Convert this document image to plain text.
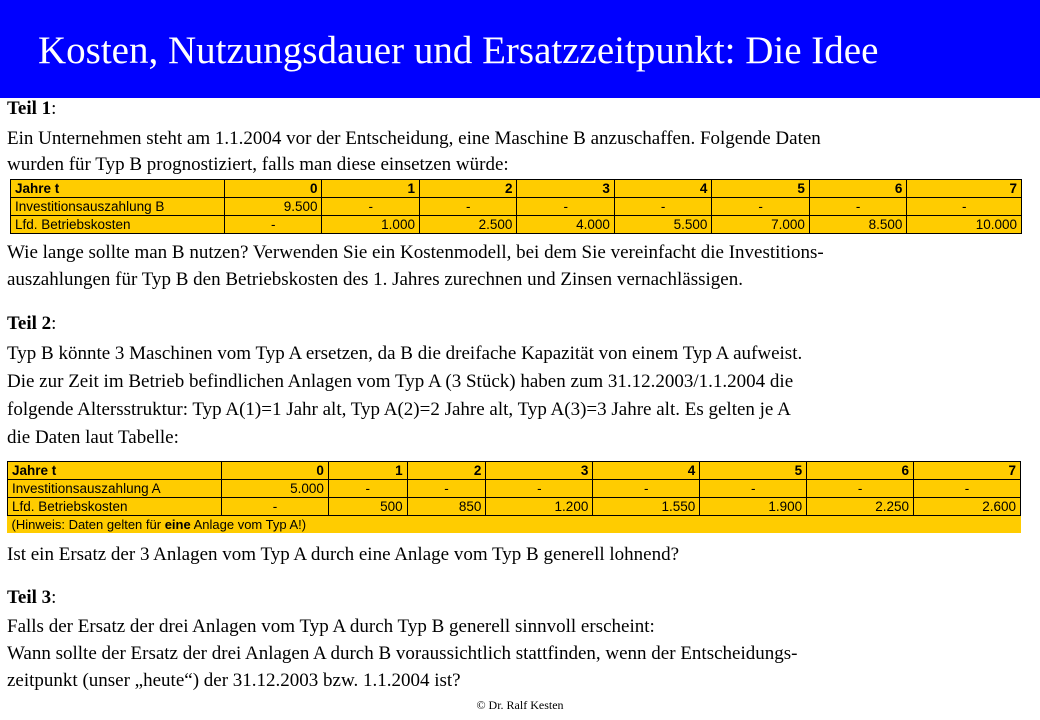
Kosten, Nutzungsdauer und Ersatzzeitpunkt: Die Idee
Teil 1:
Ein Unternehmen steht am 1.1.2004 vor der Entscheidung, eine Maschine B anzuschaffen. Folgende Daten
wurden für Typ B prognostiziert, falls man diese einsetzen würde:
Jahre t	0	1	2	3	4	5	6	7
Investitionsauszahlung B	9.500	-	-	-	-	-	-	-
Lfd. Betriebskosten	-	1.000	2.500	4.000	5.500	7.000	8.500	10.000
Wie lange sollte man B nutzen? Verwenden Sie ein Kostenmodell, bei dem Sie vereinfacht die Investitions-
auszahlungen für Typ B den Betriebskosten des 1. Jahres zurechnen und Zinsen vernachlässigen.
Teil 2:
Typ B könnte 3 Maschinen vom Typ A ersetzen, da B die dreifache Kapazität von einem Typ A aufweist.
Die zur Zeit im Betrieb befindlichen Anlagen vom Typ A (3 Stück) haben zum 31.12.2003/1.1.2004 die
folgende Altersstruktur: Typ A(1)=1 Jahr alt, Typ A(2)=2 Jahre alt, Typ A(3)=3 Jahre alt. Es gelten je A
die Daten laut Tabelle:
Jahre t	0	1	2	3	4	5	6	7
Investitionsauszahlung A	5.000	-	-	-	-	-	-	-
Lfd. Betriebskosten	-	500	850	1.200	1.550	1.900	2.250	2.600
(Hinweis: Daten gelten für eine Anlage vom Typ A!)								
Ist ein Ersatz der 3 Anlagen vom Typ A durch eine Anlage vom Typ B generell lohnend?
Teil 3:
Falls der Ersatz der drei Anlagen vom Typ A durch Typ B generell sinnvoll erscheint:
Wann sollte der Ersatz der drei Anlagen A durch B voraussichtlich stattfinden, wenn der Entscheidungs-
zeitpunkt (unser „heute“) der 31.12.2003 bzw. 1.1.2004 ist?
© Dr. Ralf Kesten
